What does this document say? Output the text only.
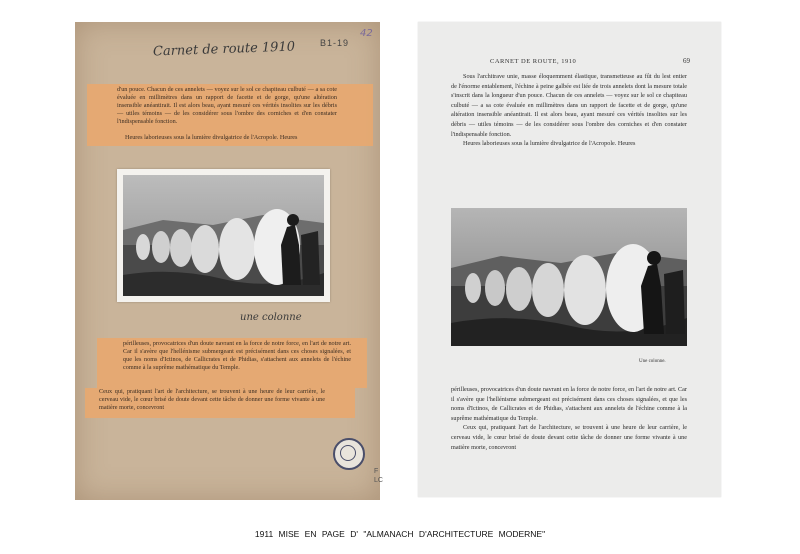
Carnet de route 1910	B1-19
42
d'un pouce. Chacun de ces annelets — voyez sur le sol ce chapiteau culbuté — a sa cote évaluée en millimètres dans un rapport de facette et de gorge, qu'une altération insensible anéantirait. Il est alors beau, ayant mesuré ces vérités insolites sur les débris — utiles témoins — de les considérer sous l'ombre des corniches et d'en constater l'indispensable fonction.
Heures laborieuses sous la lumière divulgatrice de l'Acropole. Heures
une colonne
périlleuses, provocatrices d'un doute navrant en la force de notre force, en l'art de notre art. Car il s'avère que l'hellénisme submergeant est précisément dans ces choses signalées, et que les noms d'Ictinos, de Callicrates et de Phidias, s'attachent aux annelets de l'échine comme à la suprême mathématique du Temple.
Ceux qui, pratiquant l'art de l'architecture, se trouvent à une heure de leur carrière, le cerveau vide, le cœur brisé de doute devant cette tâche de donner une forme vivante à une matière morte, concevront
F LC
CARNET DE ROUTE, 1910	69

Sous l'architrave unie, masse éloquemment élastique, transmetteuse au fût du lest entier de l'énorme entablement, l'échine à peine galbée est liée de trois annelets dont la mesure totale s'inscrit dans la longueur d'un pouce. Chacun de ces annelets — voyez sur le sol ce chapiteau culbuté — a sa cote évaluée en millimètres dans un rapport de facette et de gorge, qu'une altération insensible anéantirait. Il est alors beau, ayant mesuré ces vérités insolites sur les débris — utiles témoins — de les considérer sous l'ombre des corniches et d'en constater l'indispensable fonction.

Heures laborieuses sous la lumière divulgatrice de l'Acropole. Heures

Une colonne.

périlleuses, provocatrices d'un doute navrant en la force de notre force, en l'art de notre art. Car il s'avère que l'hellénisme submergeant est précisément dans ces choses signalées, et que les noms d'Ictinos, de Callicrates et de Phidias, s'attachent aux annelets de l'échine comme à la suprême mathématique du Temple.

Ceux qui, pratiquant l'art de l'architecture, se trouvent à une heure de leur carrière, le cerveau vide, le cœur brisé de doute devant cette tâche de donner une forme vivante à une matière morte, concevront

1911 MISE EN PAGE D' "ALMANACH D'ARCHITECTURE MODERNE"
